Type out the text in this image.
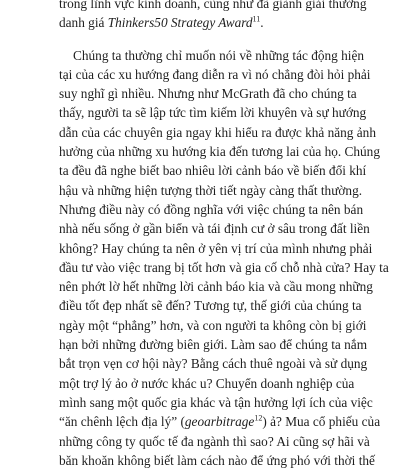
trong lĩnh vực kinh doanh, cũng như đã giành giải thưởng
danh giá Thinkers50 Strategy Award$^{11}$.
Chúng ta thường chỉ muốn nói về những tác động hiện
tại của các xu hướng đang diễn ra vì nó chẳng đòi hỏi phải
suy nghĩ gì nhiều. Nhưng như McGrath đã cho chúng ta
thấy, người ta sẽ lập tức tìm kiếm lời khuyên và sự hướng
dẫn của các chuyên gia ngay khi hiểu ra được khả năng ảnh
hưởng của những xu hướng kia đến tương lai của họ. Chúng
ta đều đã nghe biết bao nhiêu lời cảnh báo về biến đổi khí
hậu và những hiện tượng thời tiết ngày càng thất thường.
Nhưng điều này có đồng nghĩa với việc chúng ta nên bán
nhà nếu sống ở gần biển và tái định cư ở sâu trong đất liền
không? Hay chúng ta nên ở yên vị trí của mình nhưng phải
đầu tư vào việc trang bị tốt hơn và gia cố chỗ nhà cửa? Hay ta
nên phớt lờ hết những lời cảnh báo kia và cầu mong những
điều tốt đẹp nhất sẽ đến? Tương tự, thế giới của chúng ta
ngày một “phẳng” hơn, và con người ta không còn bị giới
hạn bởi những đường biên giới. Làm sao để chúng ta nắm
bắt trọn vẹn cơ hội này? Bằng cách thuê ngoài và sử dụng
một trợ lý ảo ở nước khác u? Chuyển doanh nghiệp của
mình sang một quốc gia khác và tận hưởng lợi ích của việc
“ăn chênh lệch địa lý” (geoarbitrage$^{12}$) ả? Mua cổ phiếu của
những công ty quốc tế đa ngành thì sao? Ai cũng sợ hãi và
băn khoăn không biết làm cách nào để ứng phó với thời thế
